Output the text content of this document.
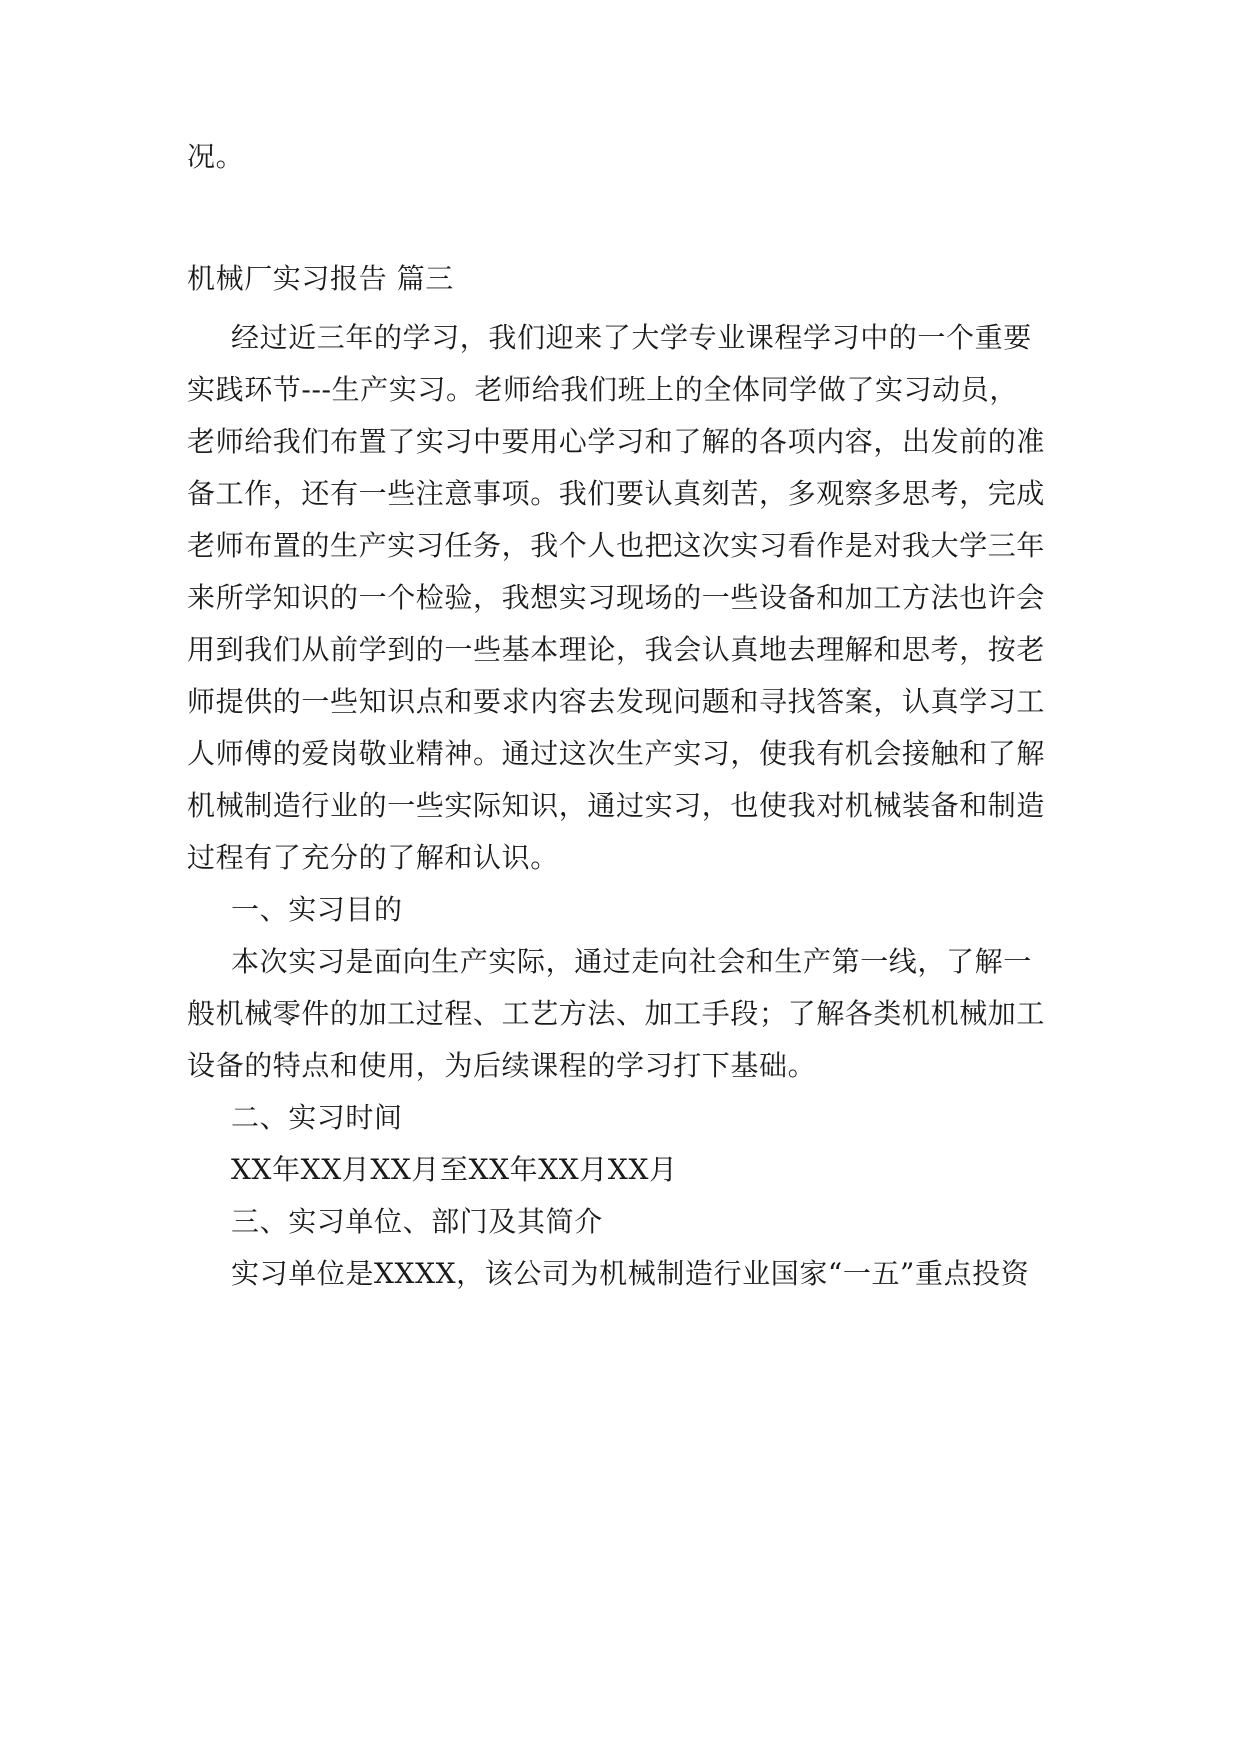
况。
机械厂实习报告 篇三
经过近三年的学习，我们迎来了大学专业课程学习中的一个重要
实践环节---生产实习。老师给我们班上的全体同学做了实习动员，
老师给我们布置了实习中要用心学习和了解的各项内容，出发前的准
备工作，还有一些注意事项。我们要认真刻苦，多观察多思考，完成
老师布置的生产实习任务，我个人也把这次实习看作是对我大学三年
来所学知识的一个检验，我想实习现场的一些设备和加工方法也许会
用到我们从前学到的一些基本理论，我会认真地去理解和思考，按老
师提供的一些知识点和要求内容去发现问题和寻找答案，认真学习工
人师傅的爱岗敬业精神。通过这次生产实习，使我有机会接触和了解
机械制造行业的一些实际知识，通过实习，也使我对机械装备和制造
过程有了充分的了解和认识。
一、实习目的
本次实习是面向生产实际，通过走向社会和生产第一线，了解一
般机械零件的加工过程、工艺方法、加工手段；了解各类机机械加工
设备的特点和使用，为后续课程的学习打下基础。
二、实习时间
XX年XX月XX月至XX年XX月XX月
三、实习单位、部门及其简介
实习单位是XXXX，该公司为机械制造行业国家“一五”重点投资
